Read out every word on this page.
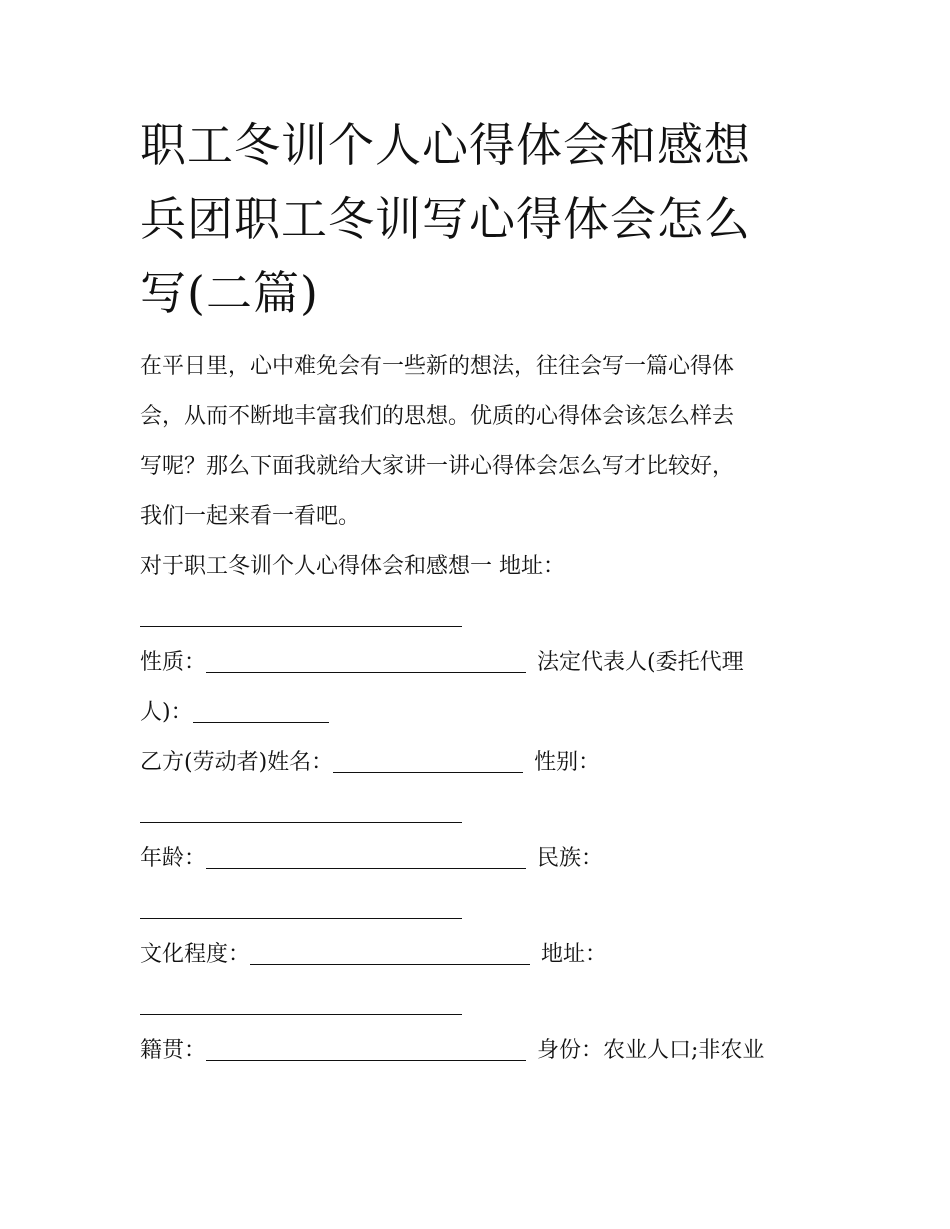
职工冬训个人心得体会和感想
兵团职工冬训写心得体会怎么
写(二篇)
在平日里，心中难免会有一些新的想法，往往会写一篇心得体
会，从而不断地丰富我们的思想。优质的心得体会该怎么样去
写呢？那么下面我就给大家讲一讲心得体会怎么写才比较好，
我们一起来看一看吧。
对于职工冬训个人心得体会和感想一 地址：
性质：	法定代表人(委托代理
人)：
乙方(劳动者)姓名：	性别：
年龄：	民族：
文化程度：	地址：
籍贯：	身份：农业人口;非农业
